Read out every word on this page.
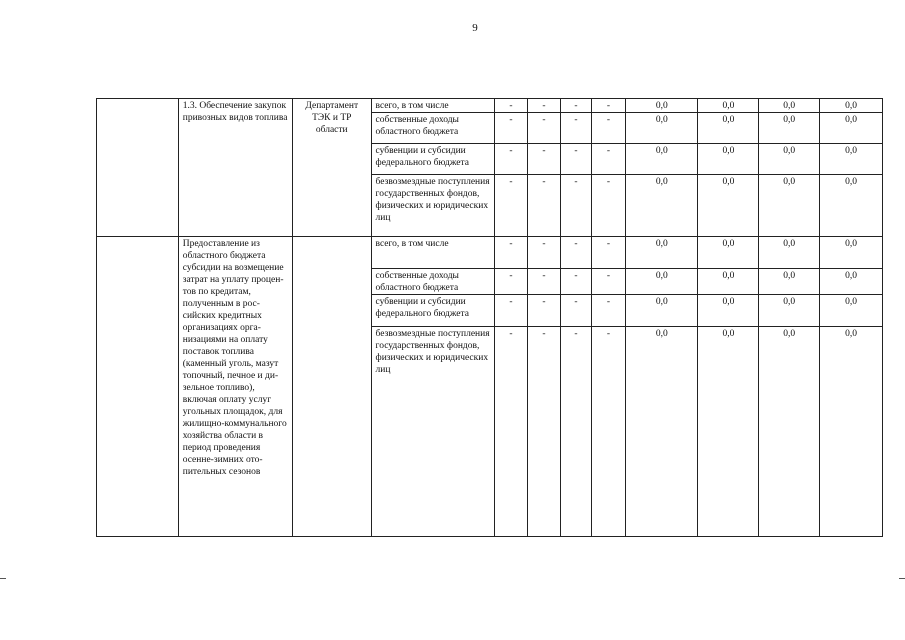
9
	1.3. Обеспечение закупок привозных видов топлива	Департамент ТЭК и ТР области	всего, в том числе	-	-	-	-	0,0	0,0	0,0	0,0
			собственные доходы областного бюджета	-	-	-	-	0,0	0,0	0,0	0,0
			субвенции и субсидии федерального бюджета	-	-	-	-	0,0	0,0	0,0	0,0
			безвозмездные поступления государственных фондов, физических и юридических лиц	-	-	-	-	0,0	0,0	0,0	0,0
	Предоставление из областного бюджета субсидии на возмещение затрат на уплату процентов по кредитам, полученным в российских кредитных организациях организациями на оплату поставок топлива (каменный уголь, мазут топочный, печное и дизельное топливо), включая оплату услуг угольных площадок, для жилищно-коммунального хозяйства области в период проведения осенне-зимних отопительных сезонов		всего, в том числе	-	-	-	-	0,0	0,0	0,0	0,0
			собственные доходы областного бюджета	-	-	-	-	0,0	0,0	0,0	0,0
			субвенции и субсидии федерального бюджета	-	-	-	-	0,0	0,0	0,0	0,0
			безвозмездные поступления государственных фондов, физических и юридических лиц	-	-	-	-	0,0	0,0	0,0	0,0
